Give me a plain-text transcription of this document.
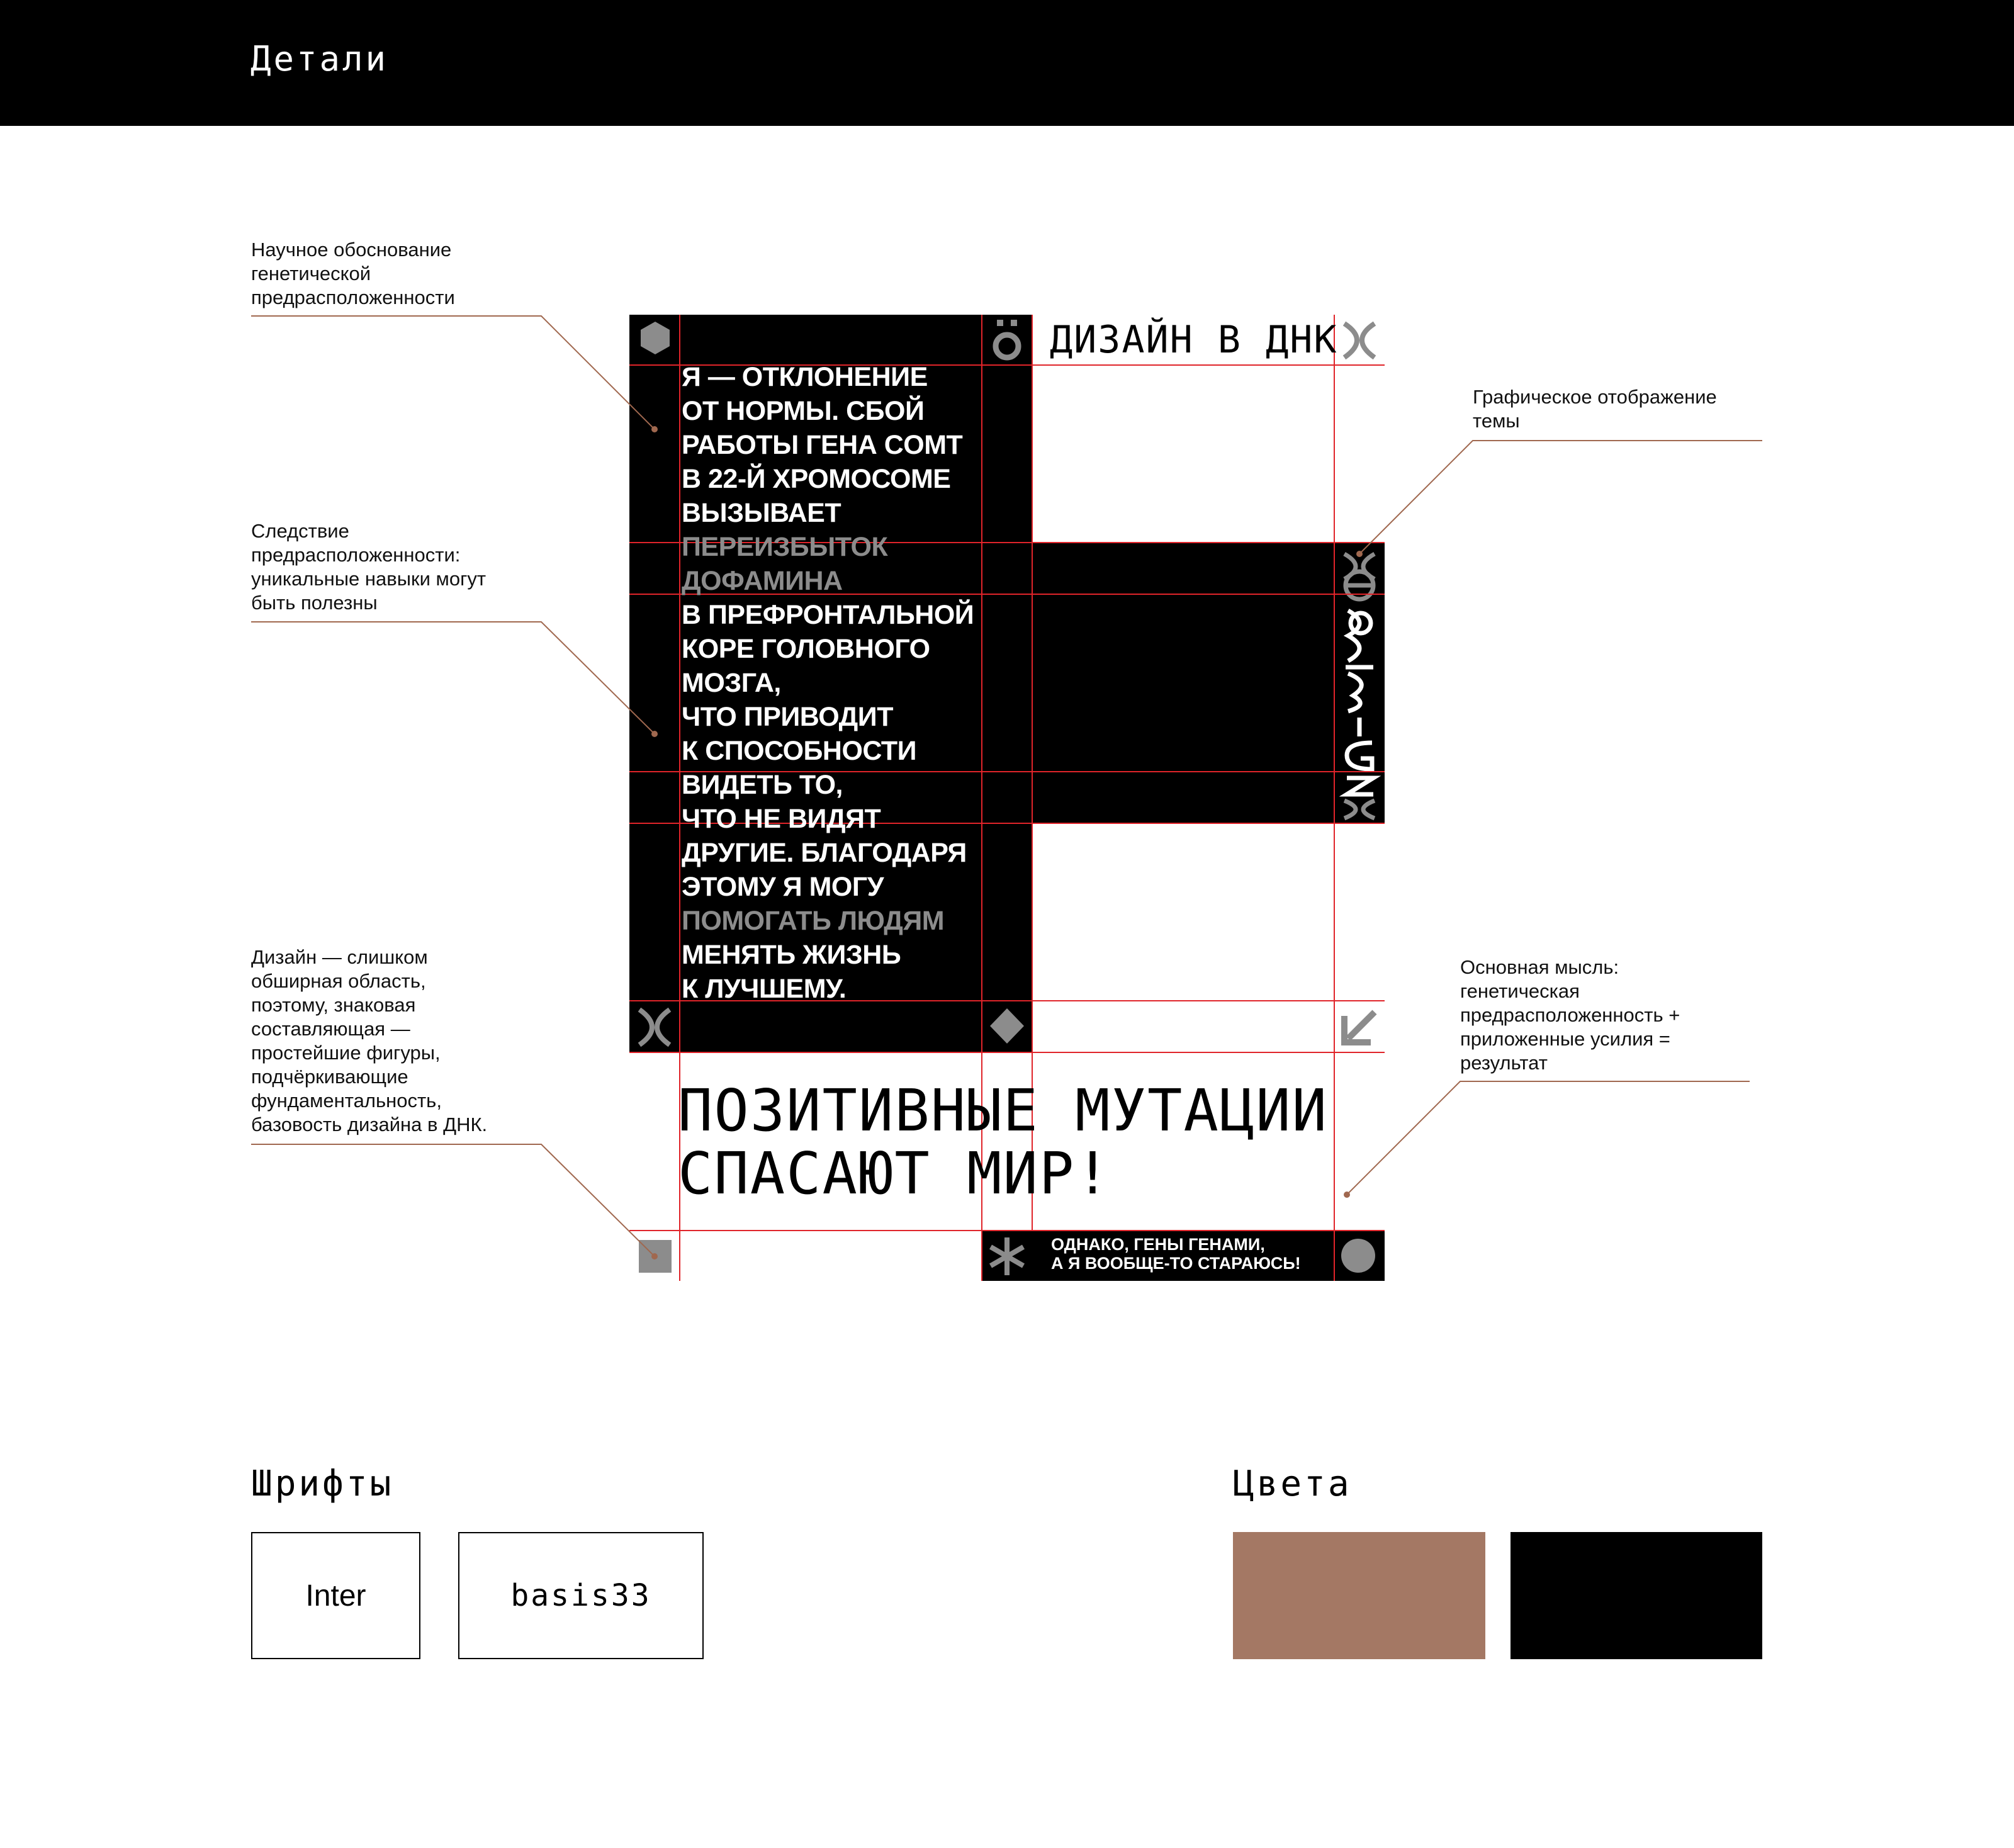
Детали
Научное обоснование
генетической
предрасположенности
Следствие
предрасположенности:
уникальные навыки могут
быть полезны
Дизайн — слишком
обширная область,
поэтому, знаковая
составляющая —
простейшие фигуры,
подчёркивающие
фундаментальность,
базовость дизайна в ДНК.
Графическое отображение
темы
Основная мысль:
генетическая
предрасположенность +
приложенные усилия =
результат
ДИЗАЙН В ДНК
Я — ОТКЛОНЕНИЕ
ОТ НОРМЫ. СБОЙ
РАБОТЫ ГЕНА COMT
В 22-Й ХРОМОСОМЕ
ВЫЗЫВАЕТ
ПЕРЕИЗБЫТОК
ДОФАМИНА
В ПРЕФРОНТАЛЬНОЙ
КОРЕ ГОЛОВНОГО
МОЗГА,
ЧТО ПРИВОДИТ
К СПОСОБНОСТИ
ВИДЕТЬ ТО,
ЧТО НЕ ВИДЯТ
ДРУГИЕ. БЛАГОДАРЯ
ЭТОМУ Я МОГУ
ПОМОГАТЬ ЛЮДЯМ
МЕНЯТЬ ЖИЗНЬ
К ЛУЧШЕМУ.
ПОЗИТИВНЫЕ МУТАЦИИ
СПАСАЮТ МИР!
ОДНАКО, ГЕНЫ ГЕНАМИ,
А Я ВООБЩЕ-ТО СТАРАЮСЬ!
Шрифты
Inter	basis33
Цвета
